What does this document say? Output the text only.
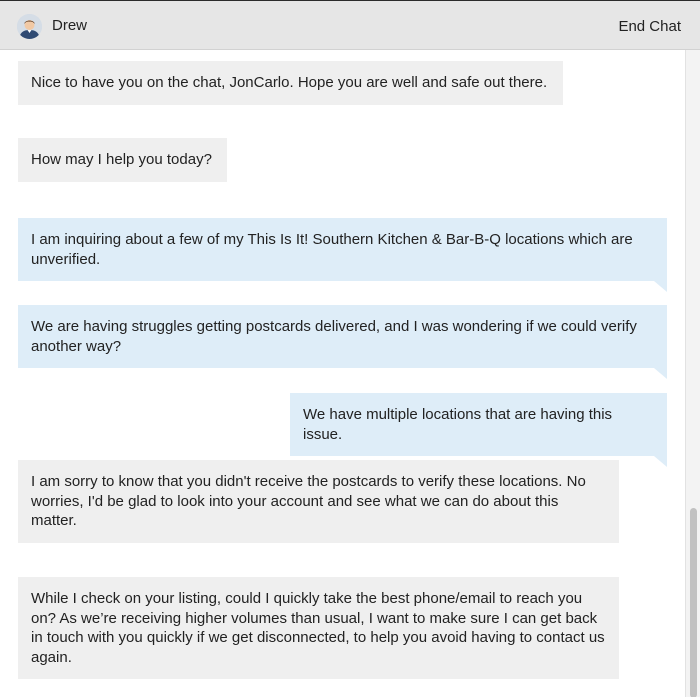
Drew	End Chat
Nice to have you on the chat, JonCarlo. Hope you are well and safe out there.
How may I help you today?
I am inquiring about a few of my This Is It! Southern Kitchen & Bar-B-Q locations which are unverified.
We are having struggles getting postcards delivered, and I was wondering if we could verify another way?
We have multiple locations that are having this issue.
I am sorry to know that you didn't receive the postcards to verify these locations. No worries, I'd be glad to look into your account and see what we can do about this matter.
While I check on your listing, could I quickly take the best phone/email to reach you on? As we’re receiving higher volumes than usual, I want to make sure I can get back in touch with you quickly if we get disconnected, to help you avoid having to contact us again.
